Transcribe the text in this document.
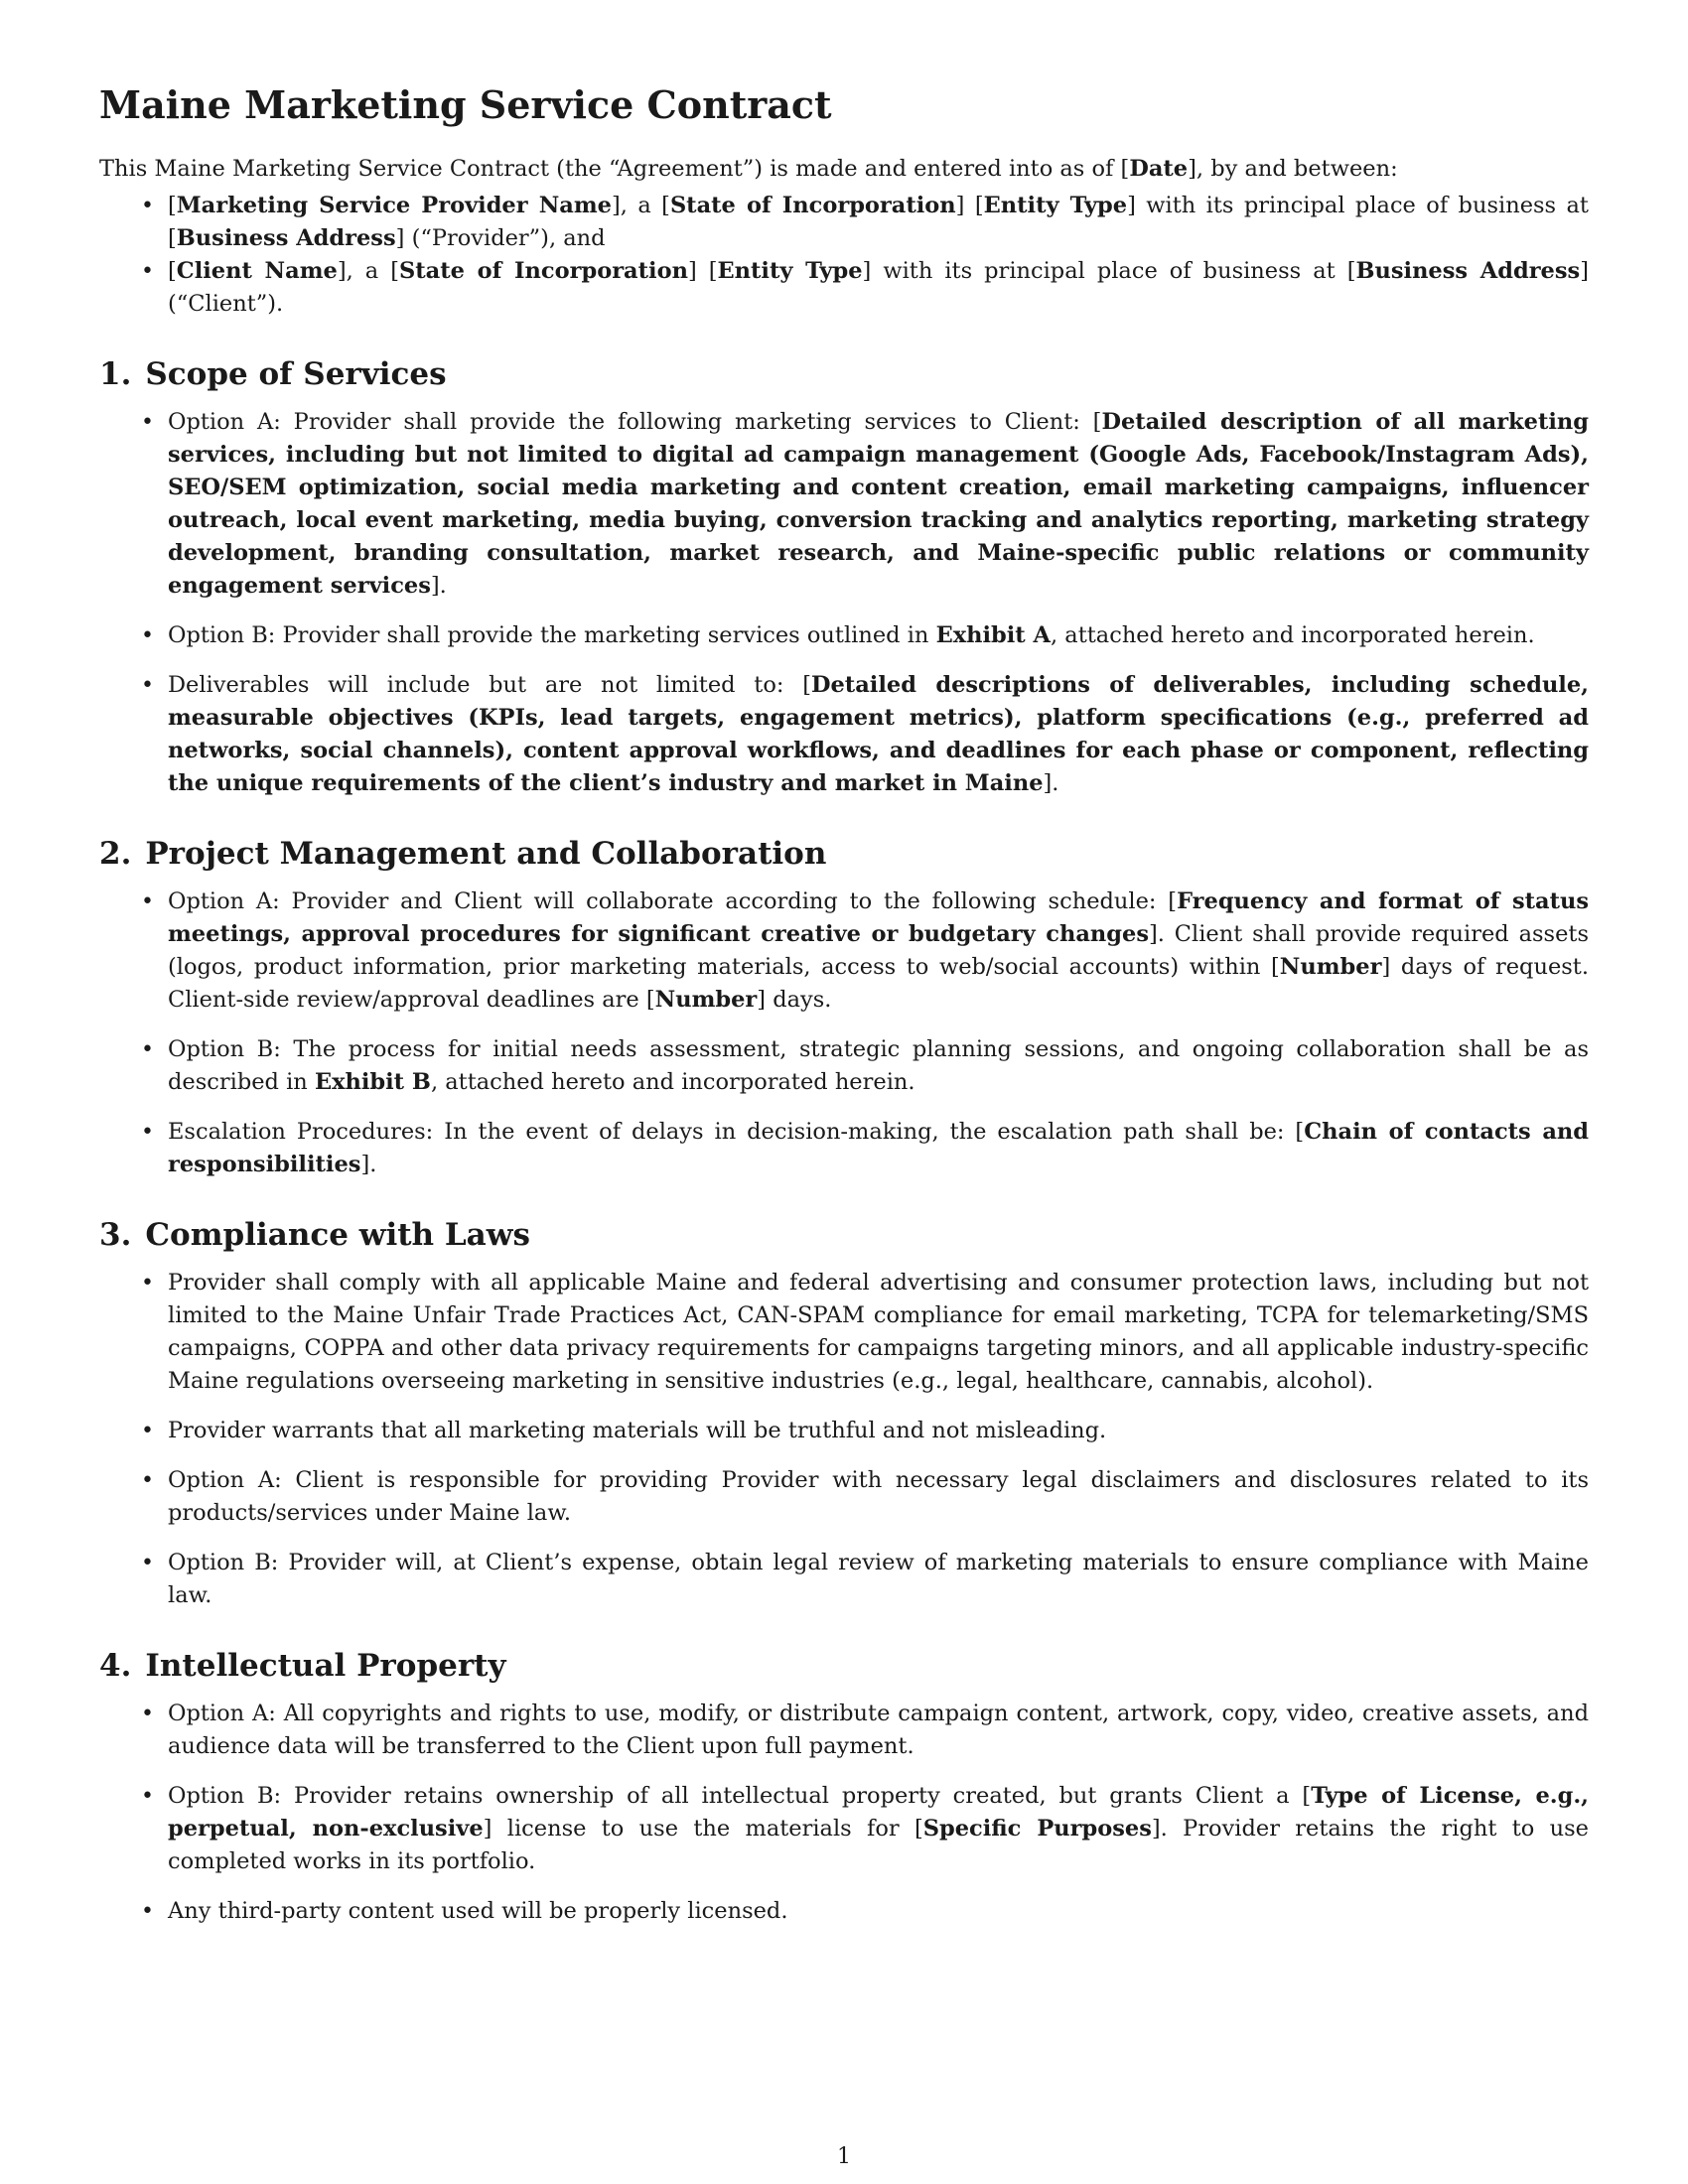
Maine Marketing Service Contract

This Maine Marketing Service Contract (the “Agreement”) is made and entered into as of [Date], by and between:

• [Marketing Service Provider Name], a [State of Incorporation] [Entity Type] with its principal place of business at [Business Address] (“Provider”), and
• [Client Name], a [State of Incorporation] [Entity Type] with its principal place of business at [Business Address] (“Client”).
1. Scope of Services
• Option A: Provider shall provide the following marketing services to Client: [Detailed description of all marketing services, including but not limited to digital ad campaign management (Google Ads, Facebook/Instagram Ads), SEO/SEM optimization, social media marketing and content creation, email marketing campaigns, influencer outreach, local event marketing, media buying, conversion tracking and analytics reporting, marketing strategy development, branding consultation, market research, and Maine-specific public relations or community engagement services].
• Option B: Provider shall provide the marketing services outlined in Exhibit A, attached hereto and incorporated herein.
• Deliverables will include but are not limited to: [Detailed descriptions of deliverables, including schedule, measurable objectives (KPIs, lead targets, engagement metrics), platform specifications (e.g., preferred ad networks, social channels), content approval workflows, and deadlines for each phase or component, reflecting the unique requirements of the client’s industry and market in Maine].
2. Project Management and Collaboration
• Option A: Provider and Client will collaborate according to the following schedule: [Frequency and format of status meetings, approval procedures for significant creative or budgetary changes]. Client shall provide required assets (logos, product information, prior marketing materials, access to web/social accounts) within [Number] days of request. Client-side review/approval deadlines are [Number] days.
• Option B: The process for initial needs assessment, strategic planning sessions, and ongoing collaboration shall be as described in Exhibit B, attached hereto and incorporated herein.
• Escalation Procedures: In the event of delays in decision-making, the escalation path shall be: [Chain of contacts and responsibilities].
3. Compliance with Laws
• Provider shall comply with all applicable Maine and federal advertising and consumer protection laws, including but not limited to the Maine Unfair Trade Practices Act, CAN-SPAM compliance for email marketing, TCPA for telemarketing/SMS campaigns, COPPA and other data privacy requirements for campaigns targeting minors, and all applicable industry-specific Maine regulations overseeing marketing in sensitive industries (e.g., legal, healthcare, cannabis, alcohol).
• Provider warrants that all marketing materials will be truthful and not misleading.
• Option A: Client is responsible for providing Provider with necessary legal disclaimers and disclosures related to its products/services under Maine law.
• Option B: Provider will, at Client’s expense, obtain legal review of marketing materials to ensure compliance with Maine law.
4. Intellectual Property
• Option A: All copyrights and rights to use, modify, or distribute campaign content, artwork, copy, video, creative assets, and audience data will be transferred to the Client upon full payment.
• Option B: Provider retains ownership of all intellectual property created, but grants Client a [Type of License, e.g., perpetual, non-exclusive] license to use the materials for [Specific Purposes]. Provider retains the right to use completed works in its portfolio.
• Any third-party content used will be properly licensed.
1
